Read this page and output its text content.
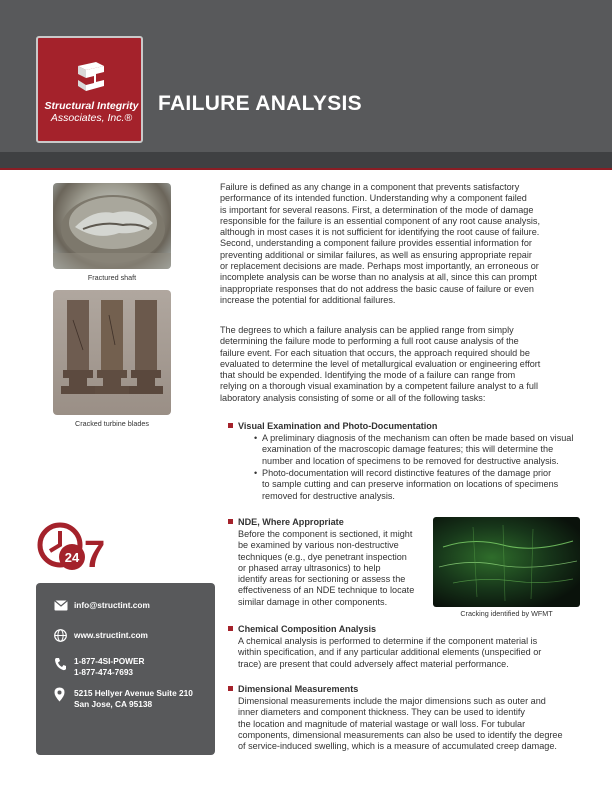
Structural Integrity
Associates, Inc.®
FAILURE ANALYSIS
Fractured shaft
Cracked turbine blades
Failure is defined as any change in a component that prevents satisfactory
performance of its intended function. Understanding why a component failed
is important for several reasons. First, a determination of the mode of damage
responsible for the failure is an essential component of any root cause analysis,
although in most cases it is not sufficient for identifying the root cause of failure.
Second, understanding a component failure provides essential information for
preventing additional or similar failures, as well as ensuring appropriate repair
or replacement decisions are made. Perhaps most importantly, an erroneous or
incomplete analysis can be worse than no analysis at all, since this can prompt
inappropriate responses that do not address the basic cause of failure or even
increase the potential for additional failures.
The degrees to which a failure analysis can be applied range from simply
determining the failure mode to performing a full root cause analysis of the
failure event. For each situation that occurs, the approach required should be
evaluated to determine the level of metallurgical evaluation or engineering effort
that should be expended. Identifying the mode of a failure can range from
relying on a thorough visual examination by a competent failure analyst to a full
laboratory analysis consisting of some or all of the following tasks:
Visual Examination and Photo-Documentation
• A preliminary diagnosis of the mechanism can often be made based on visual
examination of the macroscopic damage features; this will determine the
number and location of specimens to be removed for destructive analysis.
• Photo-documentation will record distinctive features of the damage prior
to sample cutting and can preserve information on locations of specimens
removed for destructive analysis.
NDE, Where Appropriate
Before the component is sectioned, it might
be examined by various non-destructive
techniques (e.g., dye penetrant inspection
or phased array ultrasonics) to help
identify areas for sectioning or assess the
effectiveness of an NDE technique to locate
similar damage in other components.
Cracking identified by WFMT
Chemical Composition Analysis
A chemical analysis is performed to determine if the component material is
within specification, and if any particular additional elements (unspecified or
trace) are present that could adversely affect material performance.
Dimensional Measurements
Dimensional measurements include the major dimensions such as outer and
inner diameters and component thickness. They can be used to identify
the location and magnitude of material wastage or wall loss. For tubular
components, dimensional measurements can also be used to identify the degree
of service-induced swelling, which is a measure of accumulated creep damage.
24 7
info@structint.com
www.structint.com
1-877-4SI-POWER
1-877-474-7693
5215 Hellyer Avenue Suite 210
San Jose, CA 95138
